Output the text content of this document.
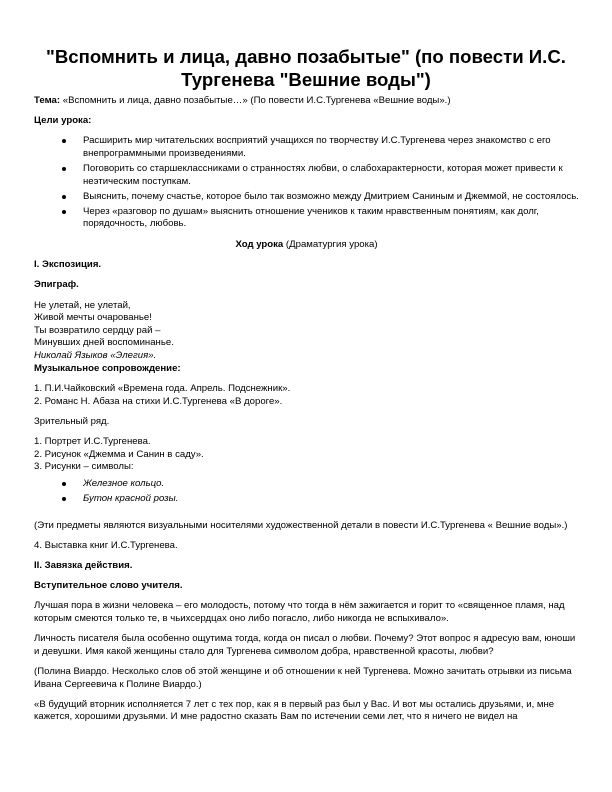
"Вспомнить и лица, давно позабытые" (по повести И.С. Тургенева "Вешние воды")

Тема: «Вспомнить и лица, давно позабытые…» (По повести И.С.Тургенева «Вешние воды».)

Цели урока:

Расширить мир читательских восприятий учащихся по творчеству И.С.Тургенева через знакомство с его внепрограммными произведениями.
Поговорить со старшеклассниками о странностях любви, о слабохарактерности, которая может привести к неэтическим поступкам.
Выяснить, почему счастье, которое было так возможно между Дмитрием Саниным и Джеммой, не состоялось.
Через «разговор по душам» выяснить отношение учеников к таким нравственным понятиям, как долг, порядочность, любовь.

Ход урока (Драматургия урока)

I. Экспозиция.

Эпиграф.

Не улетай, не улетай,
Живой мечты очарованье!
Ты возвратило сердцу рай –
Минувших дней воспоминанье.
Николай Языков «Элегия».
Музыкальное сопровождение:

1. П.И.Чайковский «Времена года. Апрель. Подснежник».
2. Романс Н. Абаза на стихи И.С.Тургенева «В дороге».

Зрительный ряд.

1. Портрет И.С.Тургенева.
2. Рисунок «Джемма и Санин в саду».
3. Рисунки – символы:

Железное кольцо.
Бутон красной розы.

(Эти предметы являются визуальными носителями художественной детали в повести И.С.Тургенева « Вешние воды».)

4. Выставка книг И.С.Тургенева.

II. Завязка действия.

Вступительное слово учителя.

Лучшая пора в жизни человека – его молодость, потому что тогда в нём зажигается и горит то «священное пламя, над которым смеются только те, в чьихсердцах оно либо погасло, либо никогда не вспыхивало».

Личность писателя была особенно ощутима тогда, когда он писал о любви. Почему? Этот вопрос я адресую вам, юноши и девушки. Имя какой женщины стало для Тургенева символом добра, нравственной красоты, любви?

(Полина Виардо. Несколько слов об этой женщине и об отношении к ней Тургенева. Можно зачитать отрывки из письма Ивана Сергеевича к Полине Виардо.)

«В будущий вторник исполняется 7 лет с тех пор, как я в первый раз был у Вас. И вот мы остались друзьями, и, мне кажется, хорошими друзьями. И мне радостно сказать Вам по истечении семи лет, что я ничего не видел на
